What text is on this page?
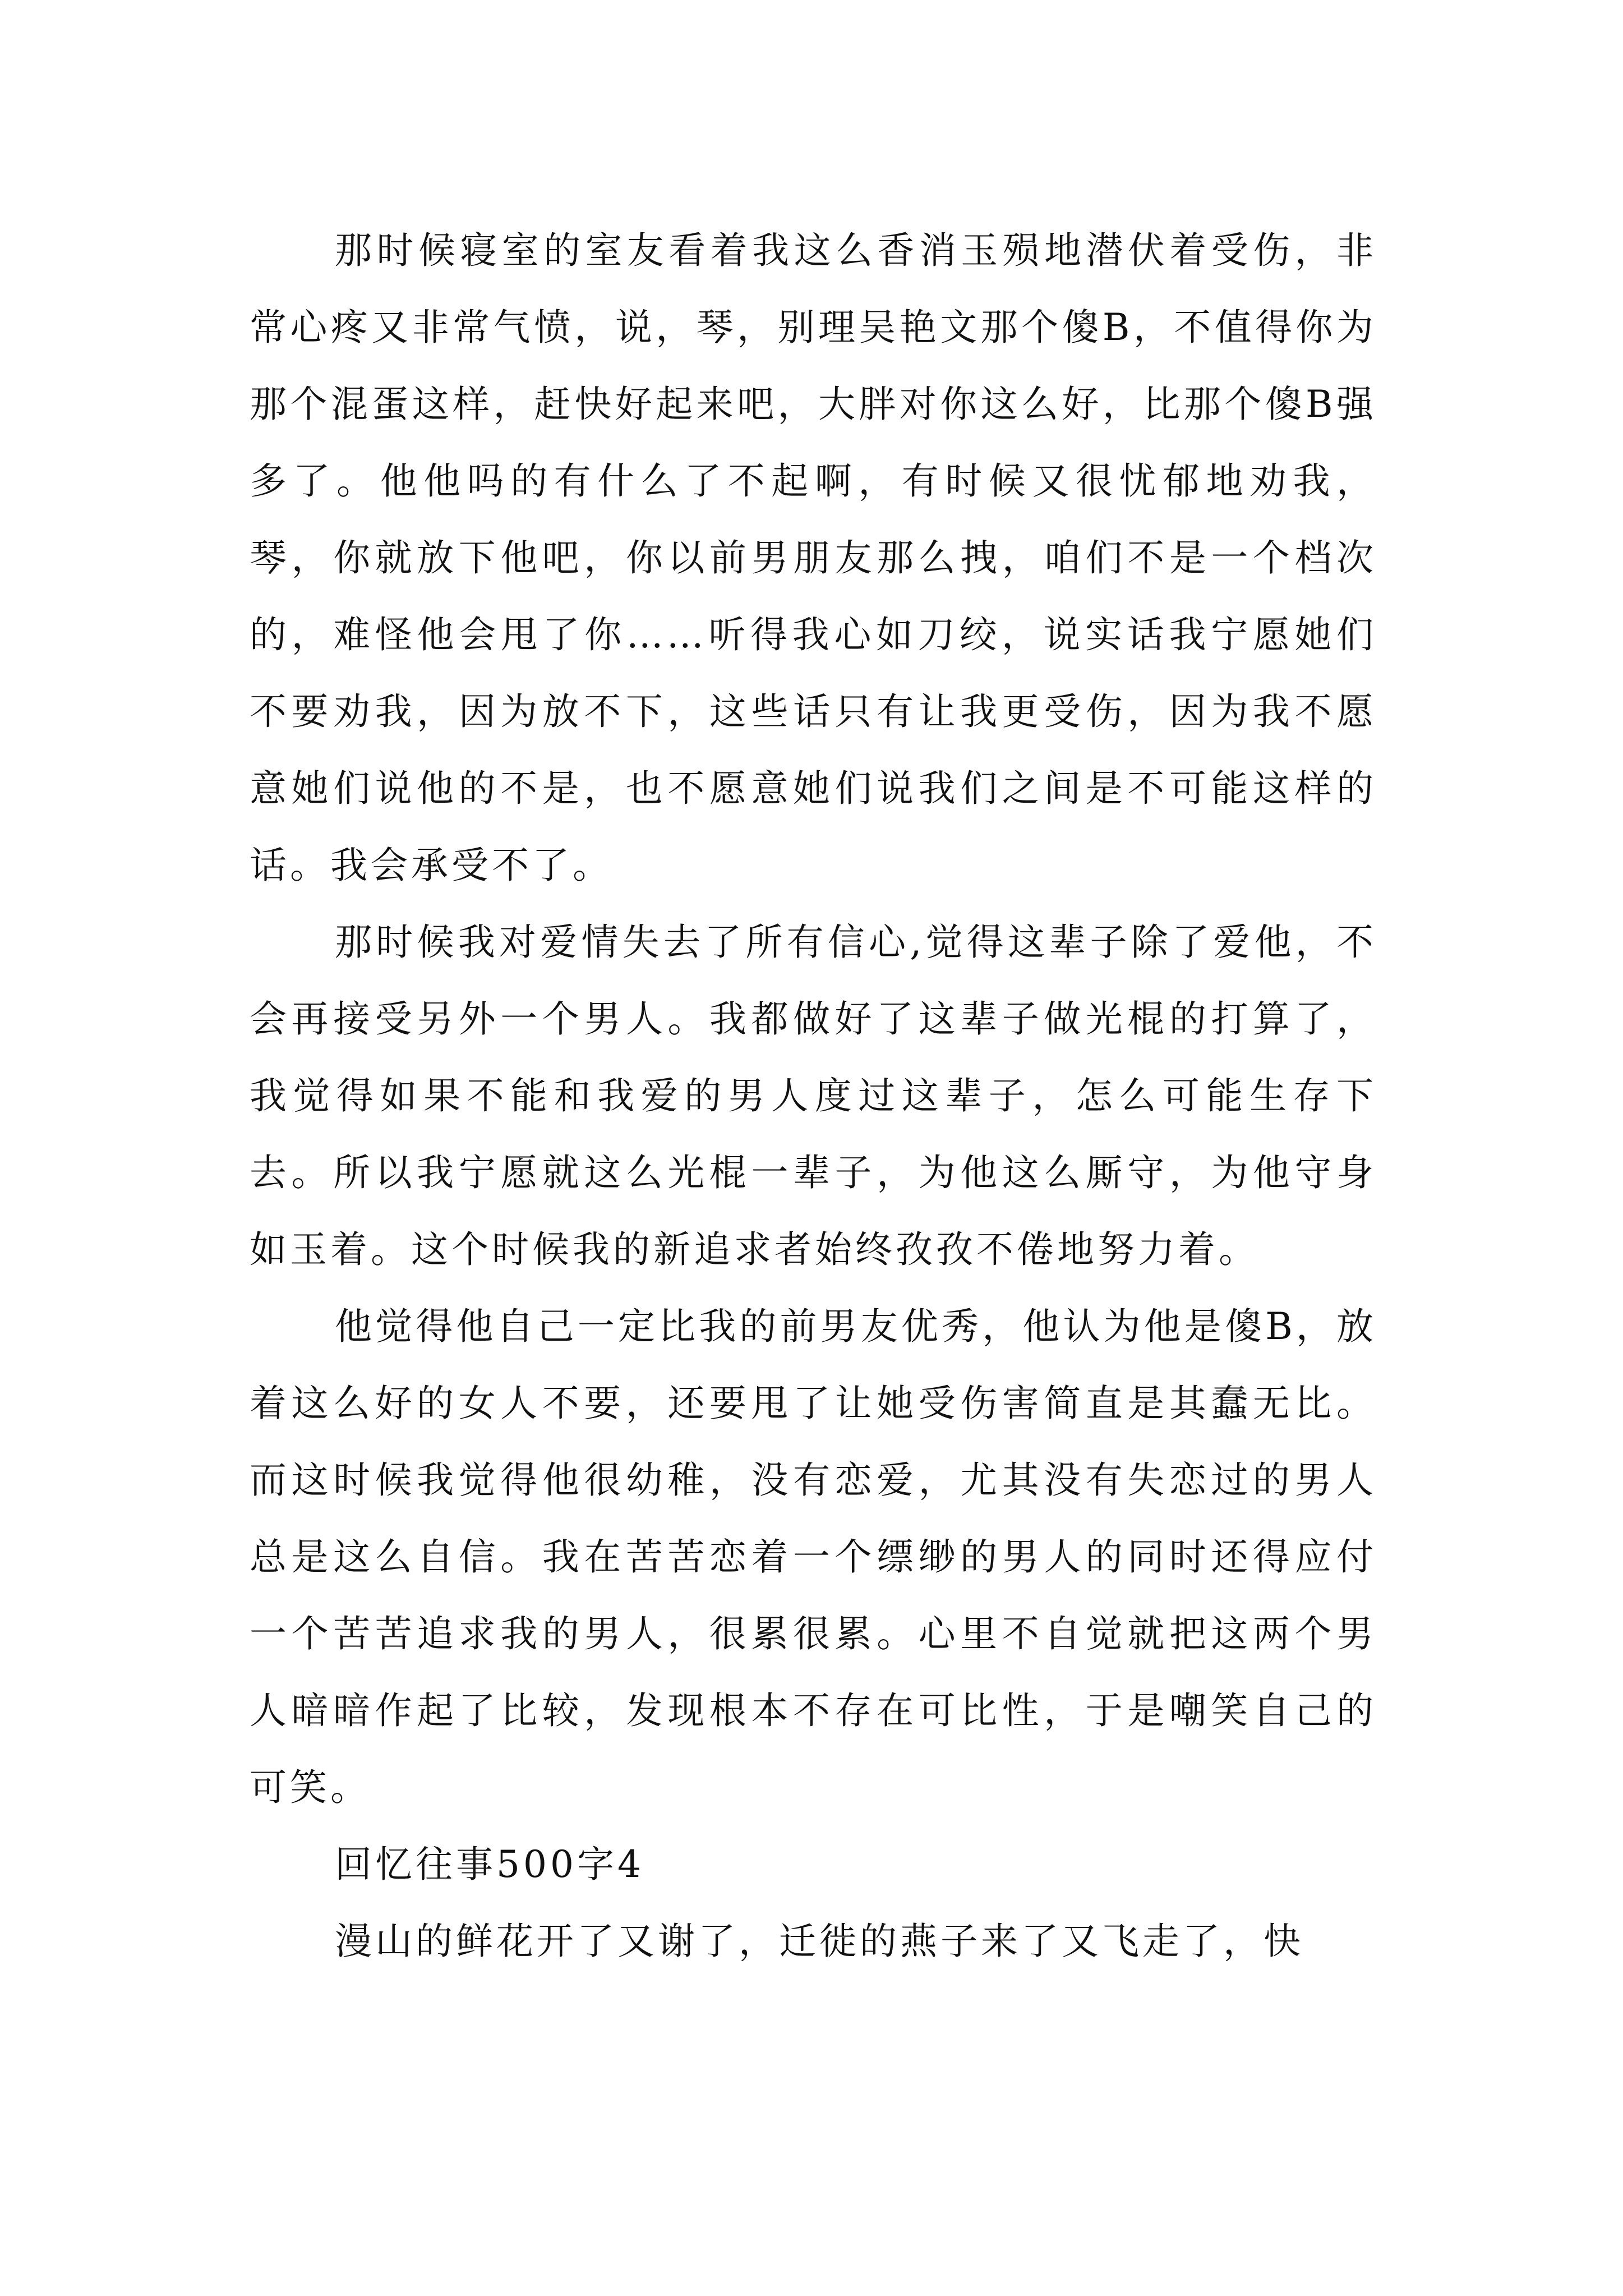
那时候寝室的室友看着我这么香消玉殒地潜伏着受伤，非常心疼又非常气愤，说，琴，别理吴艳文那个傻B，不值得你为那个混蛋这样，赶快好起来吧，大胖对你这么好，比那个傻B强多了。他他吗的有什么了不起啊，有时候又很忧郁地劝我，琴，你就放下他吧，你以前男朋友那么拽，咱们不是一个档次的，难怪他会甩了你……听得我心如刀绞，说实话我宁愿她们不要劝我，因为放不下，这些话只有让我更受伤，因为我不愿意她们说他的不是，也不愿意她们说我们之间是不可能这样的话。我会承受不了。

那时候我对爱情失去了所有信心,觉得这辈子除了爱他，不会再接受另外一个男人。我都做好了这辈子做光棍的打算了，我觉得如果不能和我爱的男人度过这辈子，怎么可能生存下去。所以我宁愿就这么光棍一辈子，为他这么厮守，为他守身如玉着。这个时候我的新追求者始终孜孜不倦地努力着。

他觉得他自己一定比我的前男友优秀，他认为他是傻B，放着这么好的女人不要，还要甩了让她受伤害简直是其蠢无比。而这时候我觉得他很幼稚，没有恋爱，尤其没有失恋过的男人总是这么自信。我在苦苦恋着一个缥缈的男人的同时还得应付一个苦苦追求我的男人，很累很累。心里不自觉就把这两个男人暗暗作起了比较，发现根本不存在可比性，于是嘲笑自己的可笑。

回忆往事500字4

漫山的鲜花开了又谢了，迁徙的燕子来了又飞走了，快
